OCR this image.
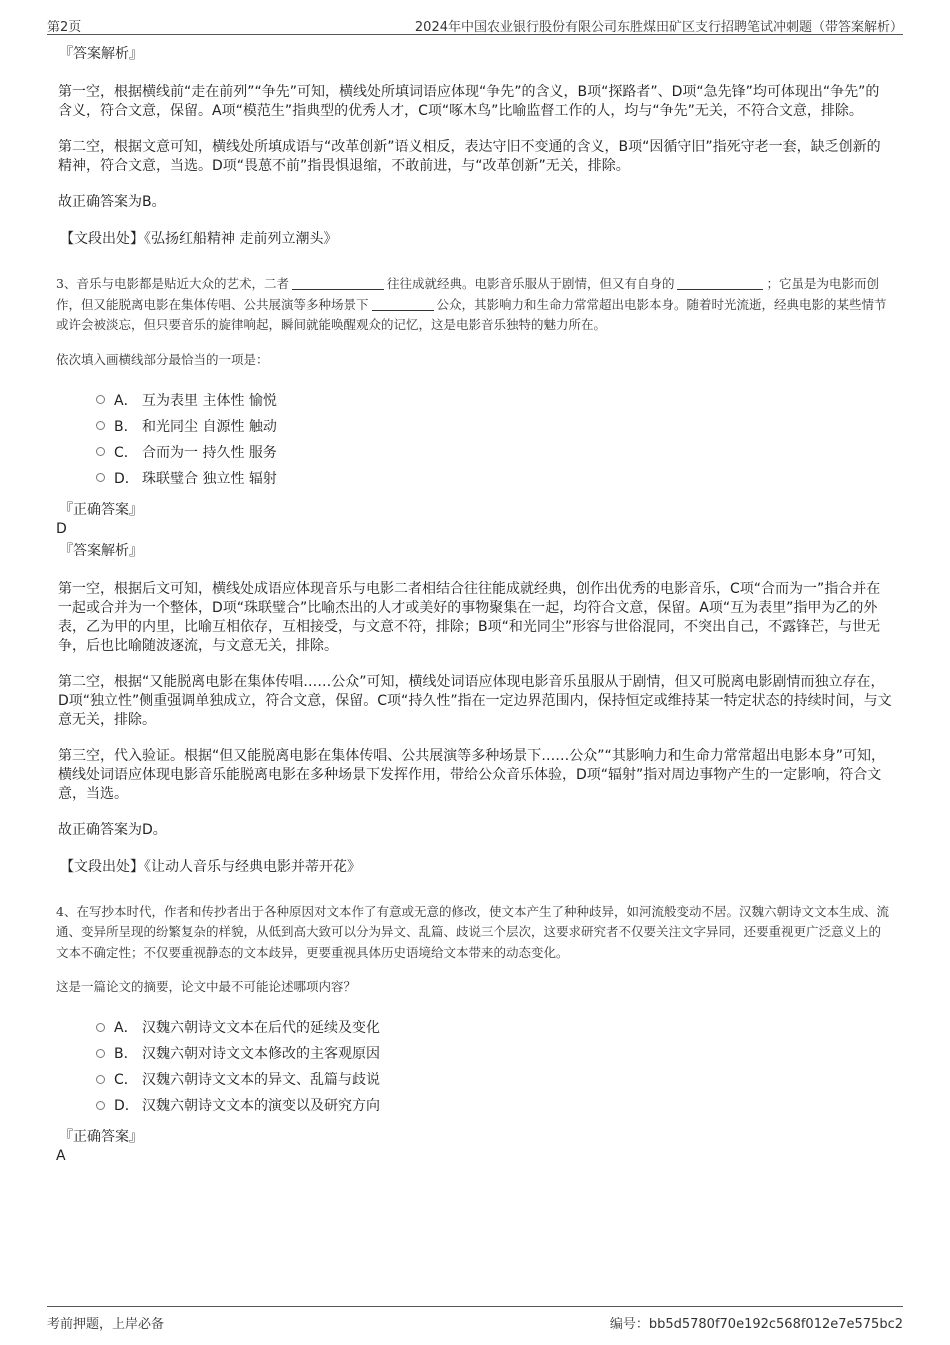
第2页	2024年中国农业银行股份有限公司东胜煤田矿区支行招聘笔试冲刺题（带答案解析）
『答案解析』

第一空，根据横线前“走在前列”“争先”可知，横线处所填词语应体现“争先”的含义，B项“探路者”、D项“急先锋”均可体现出“争先”的含义，符合文意，保留。A项“模范生”指典型的优秀人才，C项“啄木鸟”比喻监督工作的人，均与“争先”无关，不符合文意，排除。

第二空，根据文意可知，横线处所填成语与“改革创新”语义相反，表达守旧不变通的含义，B项“因循守旧”指死守老一套，缺乏创新的精神，符合文意，当选。D项“畏葸不前”指畏惧退缩，不敢前进，与“改革创新”无关，排除。

故正确答案为B。

【文段出处】《弘扬红船精神 走前列立潮头》

3、音乐与电影都是贴近大众的艺术，二者	往往成就经典。电影音乐服从于剧情，但又有自身的	；它虽是为电影而创作，但又能脱离电影在集体传唱、公共展演等多种场景下	公众，其影响力和生命力常常超出电影本身。随着时光流逝，经典电影的某些情节或许会被淡忘，但只要音乐的旋律响起，瞬间就能唤醒观众的记忆，这是电影音乐独特的魅力所在。

依次填入画横线部分最恰当的一项是：

A． 互为表里 主体性 愉悦
B． 和光同尘 自源性 触动
C． 合而为一 持久性 服务
D． 珠联璧合 独立性 辐射
『正确答案』
D
『答案解析』

第一空，根据后文可知，横线处成语应体现音乐与电影二者相结合往往能成就经典，创作出优秀的电影音乐，C项“合而为一”指合并在一起或合并为一个整体，D项“珠联璧合”比喻杰出的人才或美好的事物聚集在一起，均符合文意，保留。A项“互为表里”指甲为乙的外表，乙为甲的内里，比喻互相依存，互相接受，与文意不符，排除；B项“和光同尘”形容与世俗混同，不突出自己，不露锋芒，与世无争，后也比喻随波逐流，与文意无关，排除。

第二空，根据“又能脱离电影在集体传唱……公众”可知，横线处词语应体现电影音乐虽服从于剧情，但又可脱离电影剧情而独立存在，D项“独立性”侧重强调单独成立，符合文意，保留。C项“持久性”指在一定边界范围内，保持恒定或维持某一特定状态的持续时间，与文意无关，排除。

第三空，代入验证。根据“但又能脱离电影在集体传唱、公共展演等多种场景下……公众”“其影响力和生命力常常超出电影本身”可知，横线处词语应体现电影音乐能脱离电影在多种场景下发挥作用，带给公众音乐体验，D项“辐射”指对周边事物产生的一定影响，符合文意，当选。

故正确答案为D。

【文段出处】《让动人音乐与经典电影并蒂开花》

4、在写抄本时代，作者和传抄者出于各种原因对文本作了有意或无意的修改，使文本产生了种种歧异，如河流般变动不居。汉魏六朝诗文文本生成、流通、变异所呈现的纷繁复杂的样貌，从低到高大致可以分为异文、乱篇、歧说三个层次，这要求研究者不仅要关注文字异同，还要重视更广泛意义上的文本不确定性；不仅要重视静态的文本歧异，更要重视具体历史语境给文本带来的动态变化。

这是一篇论文的摘要，论文中最不可能论述哪项内容？

A． 汉魏六朝诗文文本在后代的延续及变化
B． 汉魏六朝对诗文文本修改的主客观原因
C． 汉魏六朝诗文文本的异文、乱篇与歧说
D． 汉魏六朝诗文文本的演变以及研究方向
『正确答案』
A
考前押题，上岸必备	编号：bb5d5780f70e192c568f012e7e575bc2
